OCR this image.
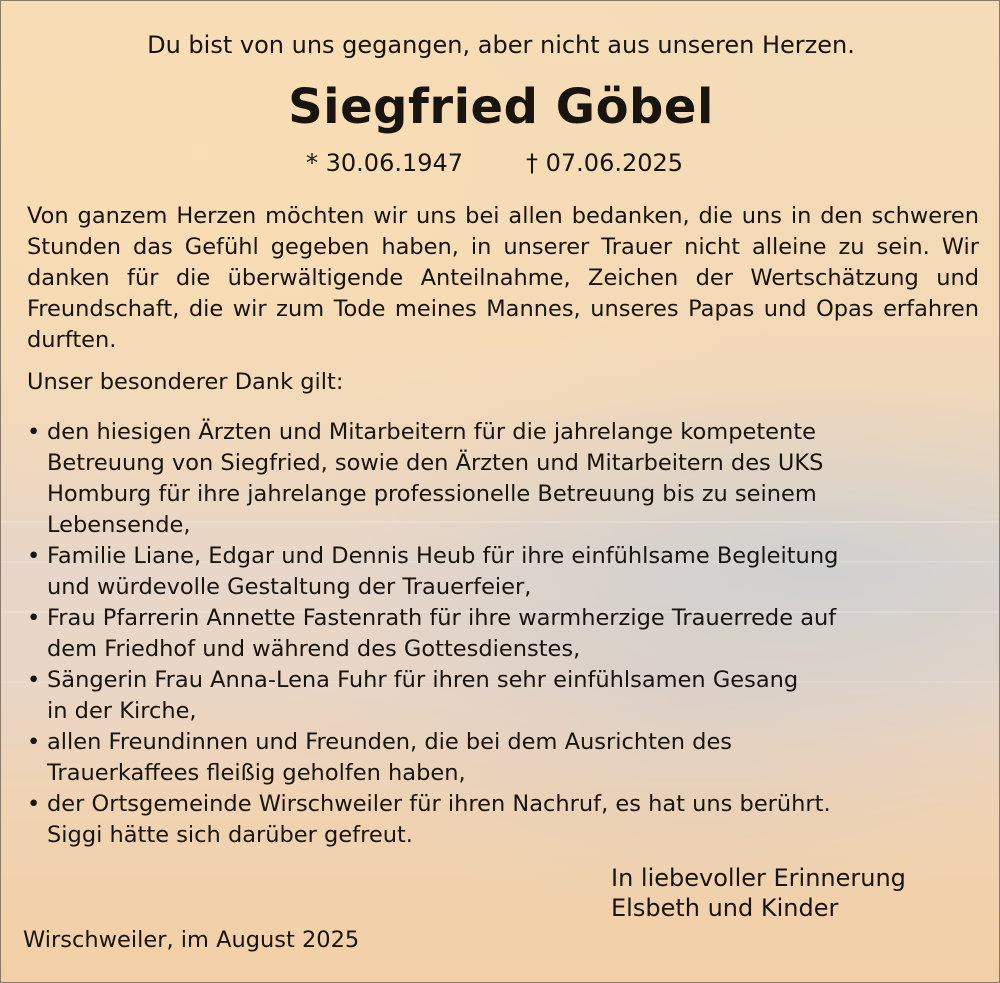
Du bist von uns gegangen, aber nicht aus unseren Herzen.

Siegfried Göbel

* 30.06.1947	† 07.06.2025

Von ganzem Herzen möchten wir uns bei allen bedanken, die uns in den schweren Stunden das Gefühl gegeben haben, in unserer Trauer nicht alleine zu sein. Wir danken für die überwältigende Anteilnahme, Zeichen der Wertschätzung und Freundschaft, die wir zum Tode meines Mannes, unseres Papas und Opas erfahren durften.

Unser besonderer Dank gilt:

• den hiesigen Ärzten und Mitarbeitern für die jahrelange kompetente
Betreuung von Siegfried, sowie den Ärzten und Mitarbeitern des UKS
Homburg für ihre jahrelange professionelle Betreuung bis zu seinem
Lebensende,
• Familie Liane, Edgar und Dennis Heub für ihre einfühlsame Begleitung
und würdevolle Gestaltung der Trauerfeier,
• Frau Pfarrerin Annette Fastenrath für ihre warmherzige Trauerrede auf
dem Friedhof und während des Gottesdienstes,
• Sängerin Frau Anna-Lena Fuhr für ihren sehr einfühlsamen Gesang
in der Kirche,
• allen Freundinnen und Freunden, die bei dem Ausrichten des
Trauerkaffees fleißig geholfen haben,
• der Ortsgemeinde Wirschweiler für ihren Nachruf, es hat uns berührt.
Siggi hätte sich darüber gefreut.

In liebevoller Erinnerung

Elsbeth und Kinder

Wirschweiler, im August 2025
